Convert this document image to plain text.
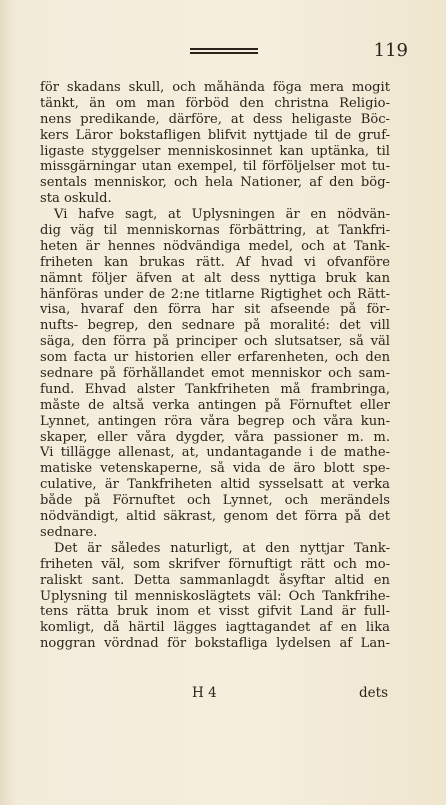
119
för skadans skull, och måhända föga mera mogit
tänkt, än om man förböd den christna Religio-
nens predikande, därföre, at dess heligaste Böc-
kers Läror bokstafligen blifvit nyttjade til de gruf-
ligaste styggelser menniskosinnet kan uptänka, til
missgärningar utan exempel, til förföljelser mot tu-
sentals menniskor, och hela Nationer, af den bög-
sta oskuld.
Vi hafve sagt, at Uplysningen är en nödvän-
dig väg til menniskornas förbättring, at Tankfri-
heten är hennes nödvändiga medel, och at Tank-
friheten kan brukas rätt. Af hvad vi ofvanföre
nämnt följer äfven at alt dess nyttiga bruk kan
hänföras under de 2:ne titlarne Rigtighet och Rätt-
visa, hvaraf den förra har sit afseende på för-
nufts- begrep, den sednare på moralité: det vill
säga, den förra på principer och slutsatser, så väl
som facta ur historien eller erfarenheten, och den
sednare på förhållandet emot menniskor och sam-
fund. Ehvad alster Tankfriheten må frambringa,
måste de altså verka antingen på Förnuftet eller
Lynnet, antingen röra våra begrep och våra kun-
skaper, eller våra dygder, våra passioner m. m.
Vi tillägge allenast, at, undantagande i de mathe-
matiske vetenskaperne, så vida de äro blott spe-
culative, är Tankfriheten altid sysselsatt at verka
både på Förnuftet och Lynnet, och merändels
nödvändigt, altid säkrast, genom det förra på det
sednare.
Det är således naturligt, at den nyttjar Tank-
friheten väl, som skrifver förnuftigt rätt och mo-
raliskt sant. Detta sammanlagdt åsyftar altid en
Uplysning til menniskoslägtets väl: Och Tankfrihe-
tens rätta bruk inom et visst gifvit Land är full-
komligt, då härtil lägges iagttagandet af en lika
noggran vördnad för bokstafliga lydelsen af Lan-
H 4	dets
